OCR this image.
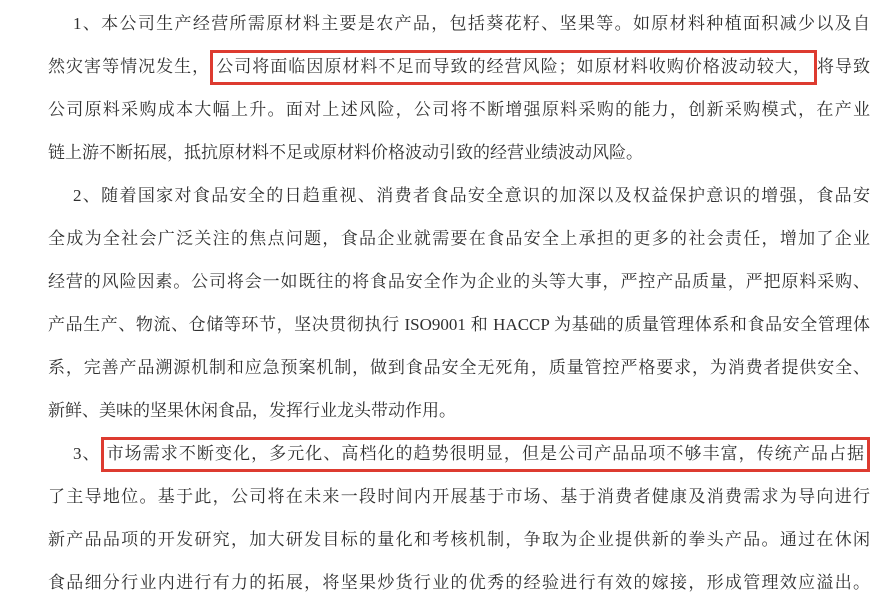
1、本公司生产经营所需原材料主要是农产品，包括葵花籽、坚果等。如原材料种植面积减少以及自
然灾害等情况发生， 公司将面临因原材料不足而导致的经营风险；如原材料收购价格波动较大， 将导致
公司原料采购成本大幅上升。面对上述风险，公司将不断增强原料采购的能力，创新采购模式，在产业
链上游不断拓展，抵抗原材料不足或原材料价格波动引致的经营业绩波动风险。
2、随着国家对食品安全的日趋重视、消费者食品安全意识的加深以及权益保护意识的增强，食品安
全成为全社会广泛关注的焦点问题，食品企业就需要在食品安全上承担的更多的社会责任，增加了企业
经营的风险因素。公司将会一如既往的将食品安全作为企业的头等大事，严控产品质量，严把原料采购、
产品生产、物流、仓储等环节，坚决贯彻执行 ISO9001 和 HACCP 为基础的质量管理体系和食品安全管理体
系，完善产品溯源机制和应急预案机制，做到食品安全无死角，质量管控严格要求，为消费者提供安全、
新鲜、美味的坚果休闲食品，发挥行业龙头带动作用。
3、 市场需求不断变化，多元化、高档化的趋势很明显，但是公司产品品项不够丰富，传统产品占据
了主导地位。基于此，公司将在未来一段时间内开展基于市场、基于消费者健康及消费需求为导向进行
新产品品项的开发研究，加大研发目标的量化和考核机制，争取为企业提供新的拳头产品。通过在休闲
食品细分行业内进行有力的拓展，将坚果炒货行业的优秀的经验进行有效的嫁接，形成管理效应溢出。
